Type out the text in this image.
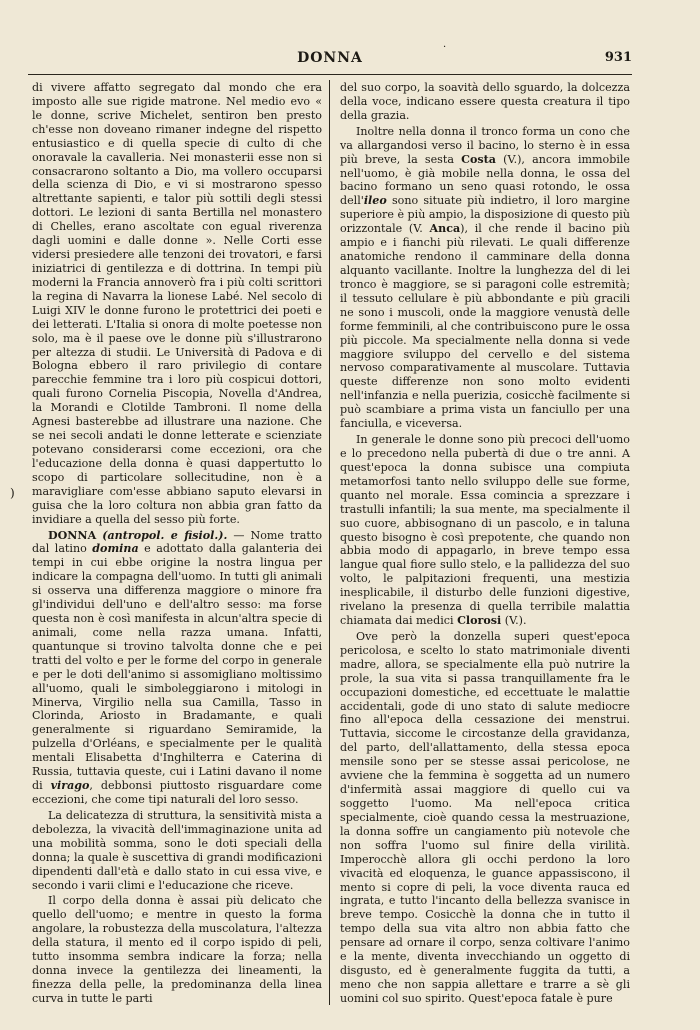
DONNA	931
·
)

di vivere affatto segregato dal mondo che era imposto alle sue rigide matrone. Nel medio evo « le donne, scrive Michelet, sentiron ben presto ch'esse non doveano rimaner indegne del rispetto entusiastico e di quella specie di culto di che onoravale la cavalleria. Nei monasterii esse non si consacrarono soltanto a Dio, ma vollero occuparsi della scienza di Dio, e vi si mostrarono spesso altrettante sapienti, e talor più sottili degli stessi dottori. Le lezioni di santa Bertilla nel monastero di Chelles, erano ascoltate con egual riverenza dagli uomini e dalle donne ». Nelle Corti esse vidersi presiedere alle tenzoni dei trovatori, e farsi iniziatrici di gentilezza e di dottrina. In tempi più moderni la Francia annoverò fra i più colti scrittori la regina di Navarra la lionese Labé. Nel secolo di Luigi XIV le donne furono le protettrici dei poeti e dei letterati. L'Italia si onora di molte poetesse non solo, ma è il paese ove le donne più s'illustrarono per altezza di studii. Le Università di Padova e di Bologna ebbero il raro privilegio di contare parecchie femmine tra i loro più cospicui dottori, quali furono Cornelia Piscopia, Novella d'Andrea, la Morandi e Clotilde Tambroni. Il nome della Agnesi basterebbe ad illustrare una nazione. Che se nei secoli andati le donne letterate e scienziate potevano considerarsi come eccezioni, ora che l'educazione della donna è quasi dappertutto lo scopo di particolare sollecitudine, non è a maravigliare com'esse abbiano saputo elevarsi in guisa che la loro coltura non abbia gran fatto da invidiare a quella del sesso più forte.

DONNA (antropol. e fisiol.). — Nome tratto dal latino domina e adottato dalla galanteria dei tempi in cui ebbe origine la nostra lingua per indicare la compagna dell'uomo. In tutti gli animali si osserva una differenza maggiore o minore fra gl'individui dell'uno e dell'altro sesso: ma forse questa non è così manifesta in alcun'altra specie di animali, come nella razza umana. Infatti, quantunque si trovino talvolta donne che e pei tratti del volto e per le forme del corpo in generale e per le doti dell'animo si assomigliano moltissimo all'uomo, quali le simboleggiarono i mitologi in Minerva, Virgilio nella sua Camilla, Tasso in Clorinda, Ariosto in Bradamante, e quali generalmente si riguardano Semiramide, la pulzella d'Orléans, e specialmente per le qualità mentali Elisabetta d'Inghilterra e Caterina di Russia, tuttavia queste, cui i Latini davano il nome di virago, debbonsi piuttosto risguardare come eccezioni, che come tipi naturali del loro sesso.

La delicatezza di struttura, la sensitività mista a debolezza, la vivacità dell'immaginazione unita ad una mobilità somma, sono le doti speciali della donna; la quale è suscettiva di grandi modificazioni dipendenti dall'età e dallo stato in cui essa vive, e secondo i varii climi e l'educazione che riceve.

Il corpo della donna è assai più delicato che quello dell'uomo; e mentre in questo la forma angolare, la robustezza della muscolatura, l'altezza della statura, il mento ed il corpo ispido di peli, tutto insomma sembra indicare la forza; nella donna invece la gentilezza dei lineamenti, la finezza della pelle, la predominanza della linea curva in tutte le parti

del suo corpo, la soavità dello sguardo, la dolcezza della voce, indicano essere questa creatura il tipo della grazia.

Inoltre nella donna il tronco forma un cono che va allargandosi verso il bacino, lo sterno è in essa più breve, la sesta Costa (V.), ancora immobile nell'uomo, è già mobile nella donna, le ossa del bacino formano un seno quasi rotondo, le ossa dell'ileo sono situate più indietro, il loro margine superiore è più ampio, la disposizione di questo più orizzontale (V. Anca), il che rende il bacino più ampio e i fianchi più rilevati. Le quali differenze anatomiche rendono il camminare della donna alquanto vacillante. Inoltre la lunghezza del di lei tronco è maggiore, se si paragoni colle estremità; il tessuto cellulare è più abbondante e più gracili ne sono i muscoli, onde la maggiore venustà delle forme femminili, al che contribuiscono pure le ossa più piccole. Ma specialmente nella donna si vede maggiore sviluppo del cervello e del sistema nervoso comparativamente al muscolare. Tuttavia queste differenze non sono molto evidenti nell'infanzia e nella puerizia, cosicchè facilmente si può scambiare a prima vista un fanciullo per una fanciulla, e viceversa.

In generale le donne sono più precoci dell'uomo e lo precedono nella pubertà di due o tre anni. A quest'epoca la donna subisce una compiuta metamorfosi tanto nello sviluppo delle sue forme, quanto nel morale. Essa comincia a sprezzare i trastulli infantili; la sua mente, ma specialmente il suo cuore, abbisognano di un pascolo, e in taluna questo bisogno è così prepotente, che quando non abbia modo di appagarlo, in breve tempo essa langue qual fiore sullo stelo, e la pallidezza del suo volto, le palpitazioni frequenti, una mestizia inesplicabile, il disturbo delle funzioni digestive, rivelano la presenza di quella terribile malattia chiamata dai medici Clorosi (V.).

Ove però la donzella superi quest'epoca pericolosa, e scelto lo stato matrimoniale diventi madre, allora, se specialmente ella può nutrire la prole, la sua vita si passa tranquillamente fra le occupazioni domestiche, ed eccettuate le malattie accidentali, gode di uno stato di salute mediocre fino all'epoca della cessazione dei menstrui. Tuttavia, siccome le circostanze della gravidanza, del parto, dell'allattamento, della stessa epoca mensile sono per se stesse assai pericolose, ne avviene che la femmina è soggetta ad un numero d'infermità assai maggiore di quello cui va soggetto l'uomo. Ma nell'epoca critica specialmente, cioè quando cessa la mestruazione, la donna soffre un cangiamento più notevole che non soffra l'uomo sul finire della virilità. Imperocchè allora gli occhi perdono la loro vivacità ed eloquenza, le guance appassiscono, il mento si copre di peli, la voce diventa rauca ed ingrata, e tutto l'incanto della bellezza svanisce in breve tempo. Cosicchè la donna che in tutto il tempo della sua vita altro non abbia fatto che pensare ad ornare il corpo, senza coltivare l'animo e la mente, diventa invecchiando un oggetto di disgusto, ed è generalmente fuggita da tutti, a meno che non sappia allettare e trarre a sè gli uomini col suo spirito. Quest'epoca fatale è pure
